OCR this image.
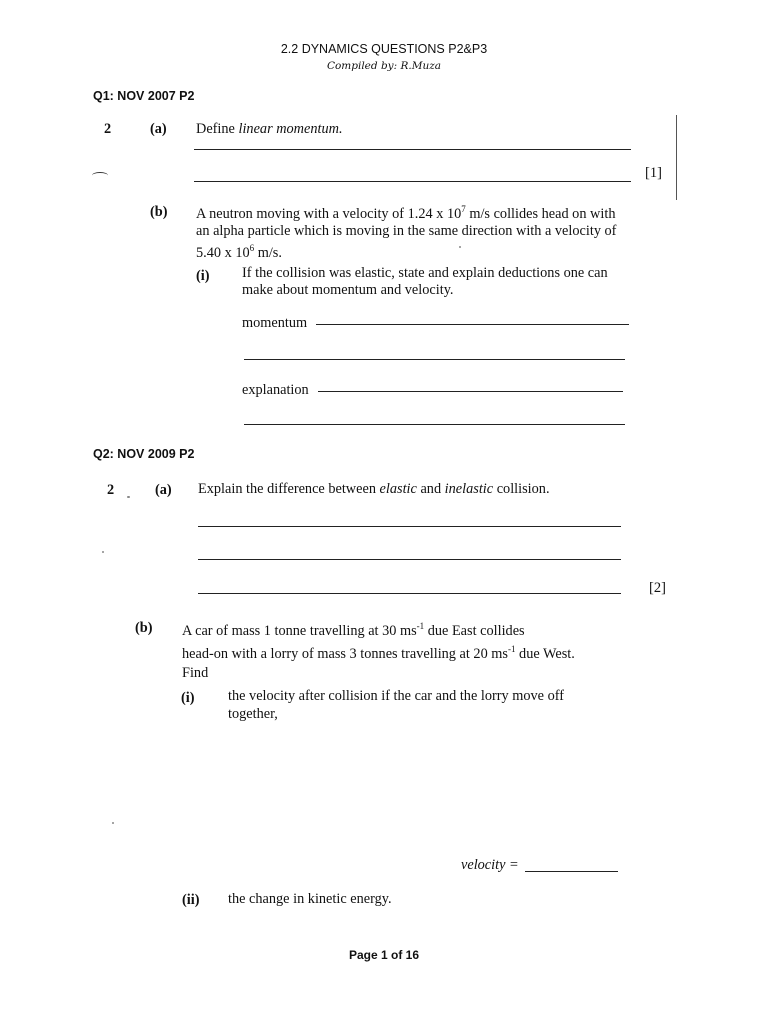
2.2 DYNAMICS QUESTIONS P2&P3
Compiled by: R.Muza
Q1: NOV 2007 P2
2	(a) Define linear momentum.
[1]
(b) A neutron moving with a velocity of 1.24 x $10^7$ m/s collides head on with
an alpha particle which is moving in the same direction with a velocity of
5.40 x $10^6$ m/s.
(i) If the collision was elastic, state and explain deductions one can
make about momentum and velocity.
momentum
explanation
Q2: NOV 2009 P2
2	(a) Explain the difference between elastic and inelastic collision.
[2]
(b) A car of mass 1 tonne travelling at 30 $ms^{-1}$ due East collides
head-on with a lorry of mass 3 tonnes travelling at 20 $ms^{-1}$ due West.
Find
(i) the velocity after collision if the car and the lorry move off
together,
velocity =
(ii) the change in kinetic energy.
Page 1 of 16
